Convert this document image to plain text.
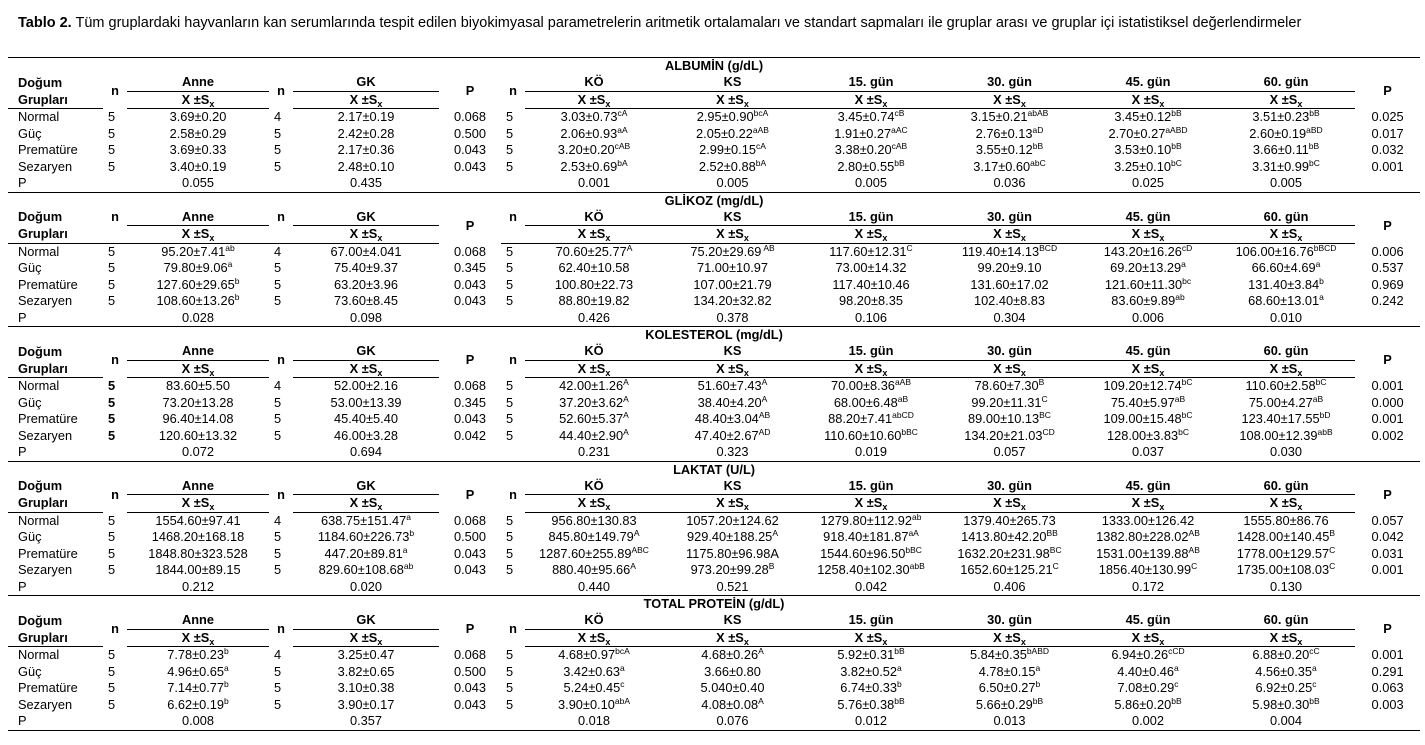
Tablo 2. Tüm gruplardaki hayvanların kan serumlarında tespit edilen biyokimyasal parametrelerin aritmetik ortalamaları ve standart sapmaları ile gruplar arası ve gruplar içi istatistiksel değerlendirmeler
ALBUMİN (g/dL)													
Doğum	n	Anne	n	GK	P	n	KÖ	KS	15. gün	30. gün	45. gün	60. gün	P
Grupları		$X \pm S_x$		$X \pm S_x$			$X \pm S_x$	$X \pm S_x$	$X \pm S_x$	$X \pm S_x$	$X \pm S_x$	$X \pm S_x$
Normal	5	3.69±0.20	4	2.17±0.19	0.068	5	$3.03\pm 0.73^{cA}$	$2.95\pm 0.90^{bcA}$	$3.45\pm 0.74^{cB}$	$3.15\pm 0.21^{abAB}$	$3.45\pm 0.12^{bB}$	$3.51\pm 0.23^{bB}$	0.025
Güç	5	2.58±0.29	5	2.42±0.28	0.500	5	$2.06\pm 0.93^{aA}$	$2.05\pm 0.22^{aAB}$	$1.91\pm 0.27^{aAC}$	$2.76\pm 0.13^{aD}$	$2.70\pm 0.27^{aABD}$	$2.60\pm 0.19^{aBD}$	0.017
Prematüre	5	3.69±0.33	5	2.17±0.36	0.043	5	$3.20\pm 0.20^{cAB}$	$2.99\pm 0.15^{cA}$	$3.38\pm 0.20^{cAB}$	$3.55\pm 0.12^{bB}$	$3.53\pm 0.10^{bB}$	$3.66\pm 0.11^{bB}$	0.032
Sezaryen	5	3.40±0.19	5	2.48±0.10	0.043	5	$2.53\pm 0.69^{bA}$	$2.52\pm 0.88^{bA}$	$2.80\pm 0.55^{bB}$	$3.17\pm 0.60^{abC}$	$3.25\pm 0.10^{bC}$	$3.31\pm 0.99^{bC}$	0.001
P		0.055		0.435			0.001	0.005	0.005	0.036	0.025	0.005	
GLİKOZ (mg/dL)													
Doğum	n	Anne	n	GK	P	n	KÖ	KS	15. gün	30. gün	45. gün	60. gün	P
Grupları		$X \pm S_x$		$X \pm S_x$			$X \pm S_x$	$X \pm S_x$	$X \pm S_x$	$X \pm S_x$	$X \pm S_x$	$X \pm S_x$
Normal	5	95.20±7.41$^{ab}$	4	67.00±4.041	0.068	5	$70.60\pm 25.77^A$	75.20±29.69 $^{AB}$	$117.60\pm 12.31^C$	$119.40\pm 14.13^{BCD}$	$143.20\pm 16.26^{cD}$	$106.00\pm 16.76^{bBCD}$	0.006
Güç	5	79.80±9.06$^a$	5	75.40±9.37	0.345	5	62.40±10.58	71.00±10.97	73.00±14.32	99.20±9.10	69.20±13.29$^a$	66.60±4.69$^a$	0.537
Prematüre	5	127.60±29.65$^b$	5	63.20±3.96	0.043	5	100.80±22.73	107.00±21.79	117.40±10.46	131.60±17.02	121.60±11.30$^{bc}$	131.40±3.84$^b$	0.969
Sezaryen	5	108.60±13.26$^b$	5	73.60±8.45	0.043	5	88.80±19.82	134.20±32.82	98.20±8.35	102.40±8.83	83.60±9.89$^{ab}$	68.60±13.01$^a$	0.242
P		0.028		0.098			0.426	0.378	0.106	0.304	0.006	0.010	
KOLESTEROL (mg/dL)													
Doğum	n	Anne	n	GK	P	n	KÖ	KS	15. gün	30. gün	45. gün	60. gün	P
Grupları		$X \pm S_x$		$X \pm S_x$			$X \pm S_x$	$X \pm S_x$	$X \pm S_x$	$X \pm S_x$	$X \pm S_x$	$X \pm S_x$
Normal	5	83.60±5.50	4	52.00±2.16	0.068	5	$42.00\pm 1.26^A$	$51.60\pm 7.43^A$	$70.00\pm 8.36^{aAB}$	$78.60\pm 7.30^B$	$109.20\pm 12.74^{bC}$	$110.60\pm 2.58^{bC}$	0.001
Güç	5	73.20±13.28	5	53.00±13.39	0.345	5	$37.20\pm 3.62^A$	$38.40\pm 4.20^A$	$68.00\pm 6.48^{aB}$	$99.20\pm 11.31^C$	$75.40\pm 5.97^{aB}$	$75.00\pm 4.27^{aB}$	0.000
Prematüre	5	96.40±14.08	5	45.40±5.40	0.043	5	$52.60\pm 5.37^A$	$48.40\pm 3.04^{AB}$	$88.20\pm 7.41^{abCD}$	$89.00\pm 10.13^{BC}$	$109.00\pm 15.48^{bC}$	$123.40\pm 17.55^{bD}$	0.001
Sezaryen	5	120.60±13.32	5	46.00±3.28	0.042	5	$44.40\pm 2.90^A$	$47.40\pm 2.67^{AD}$	$110.60\pm 10.60^{bBC}$	$134.20\pm 21.03^{CD}$	$128.00\pm 3.83^{bC}$	$108.00\pm 12.39^{abB}$	0.002
P		0.072		0.694			0.231	0.323	0.019	0.057	0.037	0.030	
LAKTAT (U/L)													
Doğum	n	Anne	n	GK	P	n	KÖ	KS	15. gün	30. gün	45. gün	60. gün	P
Grupları		$X \pm S_x$		$X \pm S_x$			$X \pm S_x$	$X \pm S_x$	$X \pm S_x$	$X \pm S_x$	$X \pm S_x$	$X \pm S_x$
Normal	5	1554.60±97.41	4	638.75±151.47$^a$	0.068	5	956.80±130.83	1057.20±124.62	1279.80±112.92$^{ab}$	1379.40±265.73	1333.00±126.42	1555.80±86.76	0.057
Güç	5	1468.20±168.18	5	1184.60±226.73$^b$	0.500	5	$845.80\pm 149.79^A$	$929.40\pm 188.25^A$	$918.40\pm 181.87^{aA}$	$1413.80\pm 42.20^{BB}$	$1382.80\pm 228.02^{AB}$	$1428.00\pm 140.45^B$	0.042
Prematüre	5	1848.80±323.528	5	447.20±89.81$^a$	0.043	5	$1287.60\pm 255.89^{ABC}$	1175.80±96.98A	$1544.60\pm 96.50^{bBC}$	$1632.20\pm 231.98^{BC}$	$1531.00\pm 139.88^{AB}$	$1778.00\pm 129.57^C$	0.031
Sezaryen	5	1844.00±89.15	5	829.60±108.68$^{ab}$	0.043	5	$880.40\pm 95.66^A$	$973.20\pm 99.28^B$	$1258.40\pm 102.30^{abB}$	$1652.60\pm 125.21^C$	$1856.40\pm 130.99^C$	$1735.00\pm 108.03^C$	0.001
P		0.212		0.020			0.440	0.521	0.042	0.406	0.172	0.130	
TOTAL PROTEİN (g/dL)													
Doğum	n	Anne	n	GK	P	n	KÖ	KS	15. gün	30. gün	45. gün	60. gün	P
Grupları		$X \pm S_x$		$X \pm S_x$			$X \pm S_x$	$X \pm S_x$	$X \pm S_x$	$X \pm S_x$	$X \pm S_x$	$X \pm S_x$
Normal	5	7.78±0.23$^b$	4	3.25±0.47	0.068	5	$4.68\pm 0.97^{bcA}$	$4.68\pm 0.26^A$	$5.92\pm 0.31^{bB}$	$5.84\pm 0.35^{bABD}$	$6.94\pm 0.26^{cCD}$	$6.88\pm 0.20^{cC}$	0.001
Güç	5	4.96±0.65$^a$	5	3.82±0.65	0.500	5	3.42±0.63$^a$	3.66±0.80	3.82±0.52$^a$	4.78±0.15$^a$	4.40±0.46$^a$	4.56±0.35$^a$	0.291
Prematüre	5	7.14±0.77$^b$	5	3.10±0.38	0.043	5	5.24±0.45$^c$	5.040±0.40	6.74±0.33$^b$	6.50±0.27$^b$	7.08±0.29$^c$	6.92±0.25$^c$	0.063
Sezaryen	5	6.62±0.19$^b$	5	3.90±0.17	0.043	5	$3.90\pm 0.10^{abA}$	$4.08\pm 0.08^A$	$5.76\pm 0.38^{bB}$	$5.66\pm 0.29^{bB}$	$5.86\pm 0.20^{bB}$	$5.98\pm 0.30^{bB}$	0.003
P		0.008		0.357			0.018	0.076	0.012	0.013	0.002	0.004	
